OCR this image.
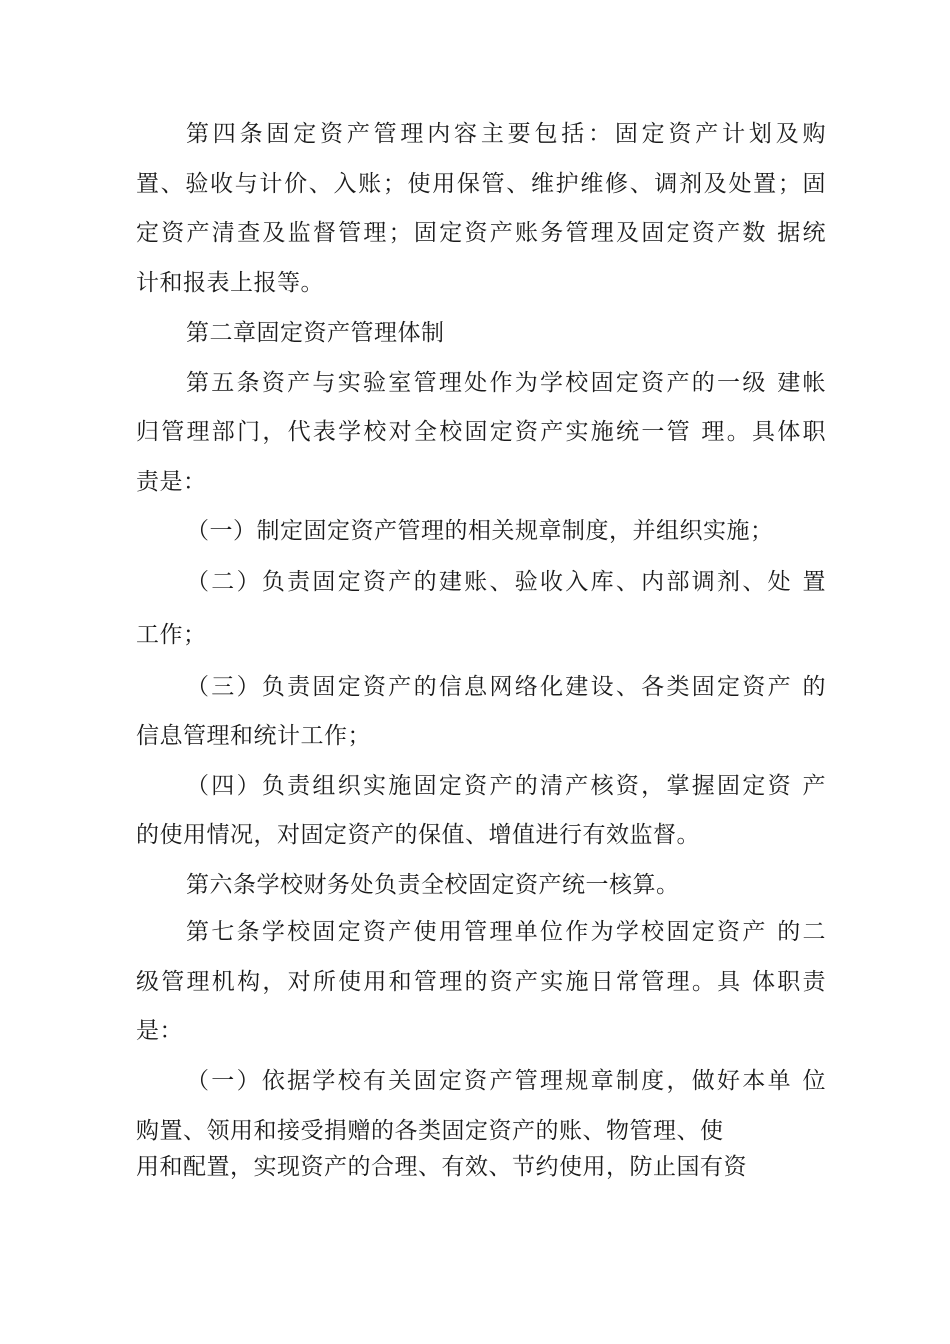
第四条固定资产管理内容主要包括：固定资产计划及购
置、验收与计价、入账；使用保管、维护维修、调剂及处置；固
定资产清查及监督管理；固定资产账务管理及固定资产数 据统
计和报表上报等。
第二章固定资产管理体制
第五条资产与实验室管理处作为学校固定资产的一级 建帐
归管理部门，代表学校对全校固定资产实施统一管 理。具体职
责是：
（一）制定固定资产管理的相关规章制度，并组织实施；
（二）负责固定资产的建账、验收入库、内部调剂、处 置
工作；
（三）负责固定资产的信息网络化建设、各类固定资产 的
信息管理和统计工作；
（四）负责组织实施固定资产的清产核资，掌握固定资 产
的使用情况，对固定资产的保值、增值进行有效监督。
第六条学校财务处负责全校固定资产统一核算。
第七条学校固定资产使用管理单位作为学校固定资产 的二
级管理机构，对所使用和管理的资产实施日常管理。具 体职责
是：
（一）依据学校有关固定资产管理规章制度，做好本单 位
购置、领用和接受捐赠的各类固定资产的账、物管理、使
用和配置，实现资产的合理、有效、节约使用，防止国有资
